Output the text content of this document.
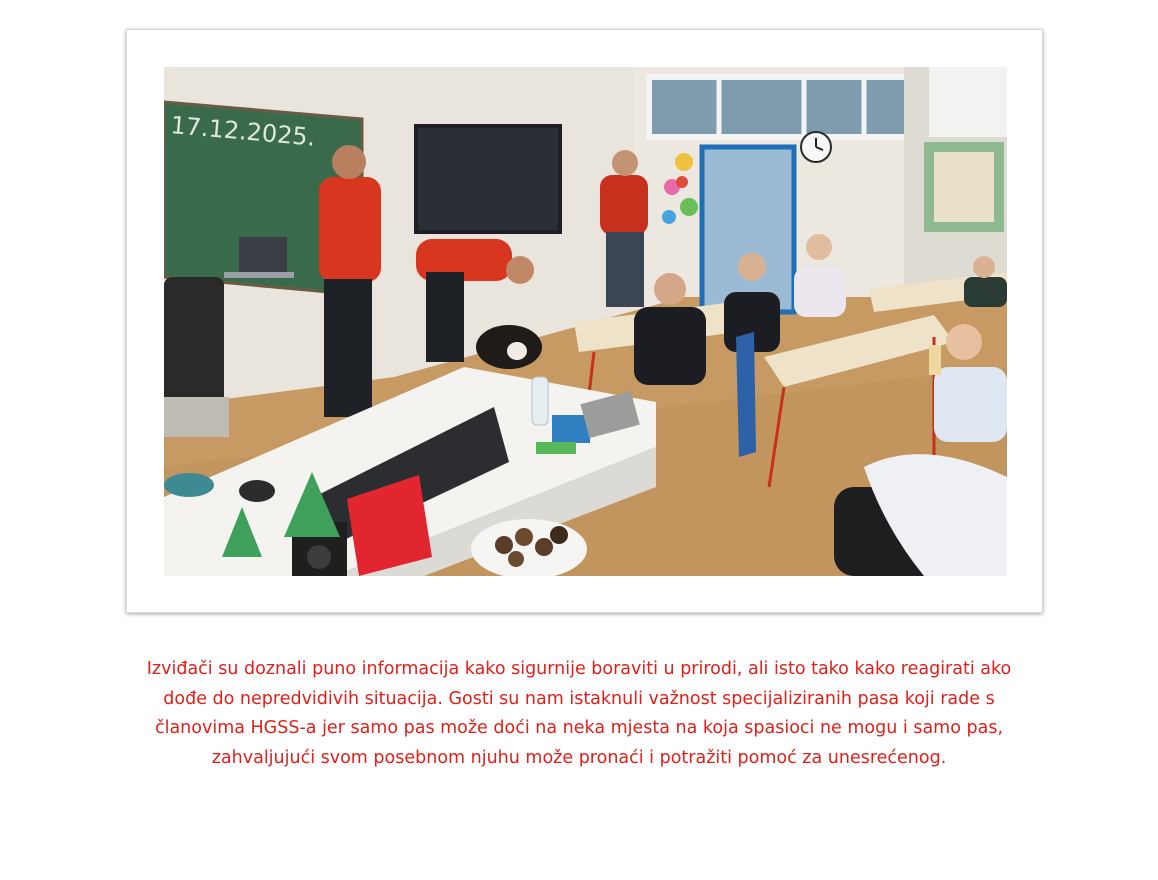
17.12.2025.
Izviđači su doznali puno informacija kako sigurnije boraviti u prirodi, ali isto tako kako reagirati ako
dođe do nepredvidivih situacija. Gosti su nam istaknuli važnost specijaliziranih pasa koji rade s
članovima HGSS-a jer samo pas može doći na neka mjesta na koja spasioci ne mogu i samo pas,
zahvaljujući svom posebnom njuhu može pronaći i potražiti pomoć za unesrećenog.
